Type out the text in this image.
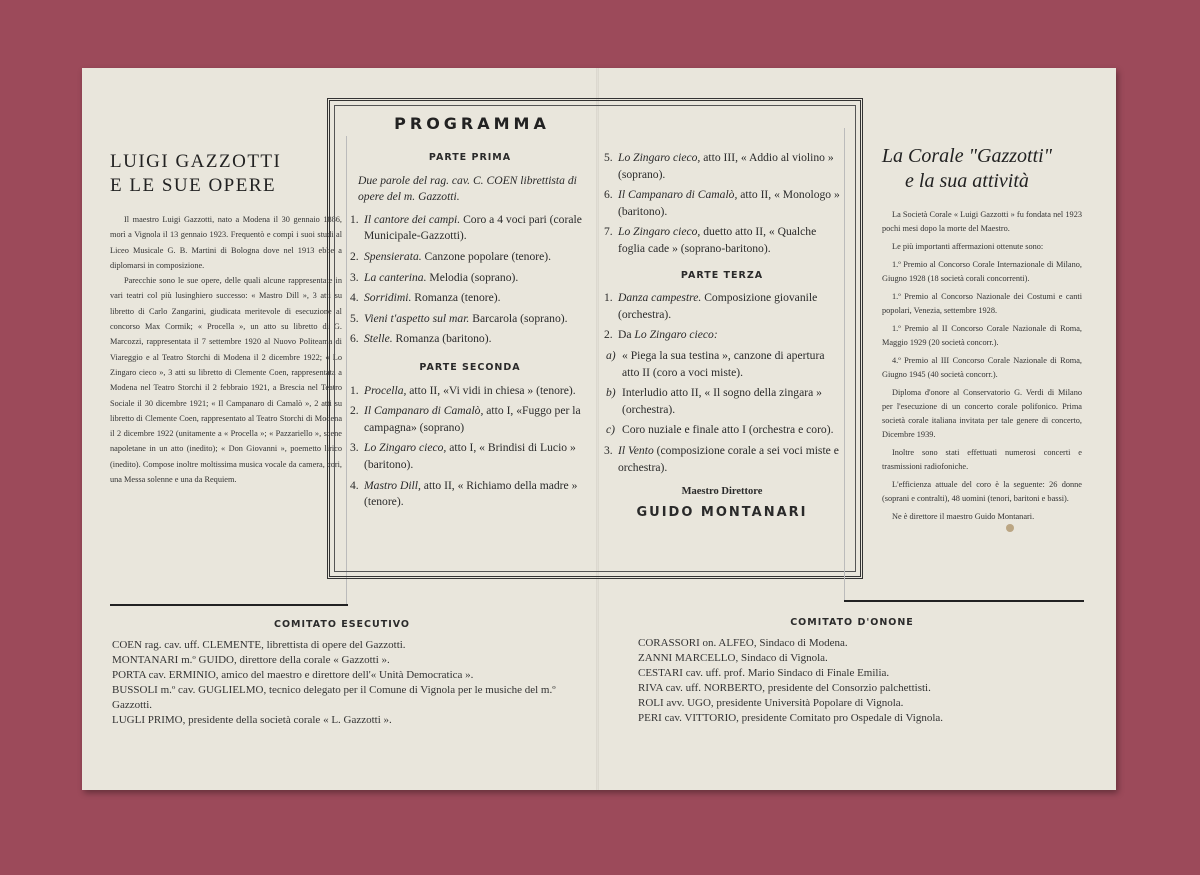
LUIGI GAZZOTTI
E LE SUE OPERE

Il maestro Luigi Gazzotti, nato a Modena il 30 gennaio 1886, morì a Vignola il 13 gennaio 1923. Frequentò e compì i suoi studi al Liceo Musicale G. B. Martini di Bologna dove nel 1913 ebbe a diplomarsi in composizione.

Parecchie sono le sue opere, delle quali alcune rappresentate in vari teatri col più lusinghiero successo: « Mastro Dill », 3 atti su libretto di Carlo Zangarini, giudicata meritevole di esecuzione al concorso Max Cormik; « Procella », un atto su libretto di G. Marcozzi, rappresentata il 7 settembre 1920 al Nuovo Politeama di Viareggio e al Teatro Storchi di Modena il 2 dicembre 1922; « Lo Zingaro cieco », 3 atti su libretto di Clemente Coen, rappresentata a Modena nel Teatro Storchi il 2 febbraio 1921, a Brescia nel Teatro Sociale il 30 dicembre 1921; « Il Campanaro di Camalò », 2 atti su libretto di Clemente Coen, rappresentato al Teatro Storchi di Modena il 2 dicembre 1922 (unitamente a « Procella »; « Pazzariello », scene napoletane in un atto (inedito); « Don Giovanni », poemetto lirico (inedito). Compose inoltre moltissima musica vocale da camera, cori, una Messa solenne e una da Requiem.

PROGRAMMA
PARTE PRIMA
Due parole del rag. cav. C. COEN librettista di opere del m. Gazzotti.
1. Il cantore dei campi. Coro a 4 voci pari (corale Municipale-Gazzotti).
2. Spensierata. Canzone popolare (tenore).
3. La canterina. Melodia (soprano).
4. Sorridimi. Romanza (tenore).
5. Vieni t'aspetto sul mar. Barcarola (soprano).
6. Stelle. Romanza (baritono).
PARTE SECONDA
1. Procella, atto II, «Vi vidi in chiesa » (tenore).
2. Il Campanaro di Camalò, atto I, «Fuggo per la campagna» (soprano)
3. Lo Zingaro cieco, atto I, « Brindisi di Lucio » (baritono).
4. Mastro Dill, atto II, « Richiamo della madre » (tenore).
5. Lo Zingaro cieco, atto III, « Addio al violino » (soprano).
6. Il Campanaro di Camalò, atto II, « Monologo » (baritono).
7. Lo Zingaro cieco, duetto atto II, « Qualche foglia cade » (soprano-baritono).
PARTE TERZA
1. Danza campestre. Composizione giovanile (orchestra).
2. Da Lo Zingaro cieco:
a) « Piega la sua testina », canzone di apertura atto II (coro a voci miste).
b) Interludio atto II, « Il sogno della zingara » (orchestra).
c) Coro nuziale e finale atto I (orchestra e coro).
3. Il Vento (composizione corale a sei voci miste e orchestra).
Maestro Direttore
GUIDO MONTANARI
La Corale "Gazzotti"
e la sua attività

La Società Corale « Luigi Gazzotti » fu fondata nel 1923 pochi mesi dopo la morte del Maestro.

Le più importanti affermazioni ottenute sono:

1.º Premio al Concorso Corale Internazionale di Milano, Giugno 1928 (18 società corali concorrenti).

1.º Premio al Concorso Nazionale dei Costumi e canti popolari, Venezia, settembre 1928.

1.º Premio al II Concorso Corale Nazionale di Roma, Maggio 1929 (20 società concorr.).

4.º Premio al III Concorso Corale Nazionale di Roma, Giugno 1945 (40 società concorr.).

Diploma d'onore al Conservatorio G. Verdi di Milano per l'esecuzione di un concerto corale polifonico. Prima società corale italiana invitata per tale genere di concerto, Dicembre 1939.

Inoltre sono stati effettuati numerosi concerti e trasmissioni radiofoniche.

L'efficienza attuale del coro è la seguente: 26 donne (soprani e contralti), 48 uomini (tenori, baritoni e bassi).

Ne è direttore il maestro Guido Montanari.

COMITATO ESECUTIVO
COEN rag. cav. uff. CLEMENTE, librettista di opere del Gazzotti.
MONTANARI m.º GUIDO, direttore della corale « Gazzotti ».
PORTA cav. ERMINIO, amico del maestro e direttore dell'« Unità Democratica ».
BUSSOLI m.º cav. GUGLIELMO, tecnico delegato per il Comune di Vignola per le musiche del m.º Gazzotti.
LUGLI PRIMO, presidente della società corale « L. Gazzotti ».
COMITATO D'ONONE
CORASSORI on. ALFEO, Sindaco di Modena.
ZANNI MARCELLO, Sindaco di Vignola.
CESTARI cav. uff. prof. Mario Sindaco di Finale Emilia.
RIVA cav. uff. NORBERTO, presidente del Consorzio palchettisti.
ROLI avv. UGO, presidente Università Popolare di Vignola.
PERI cav. VITTORIO, presidente Comitato pro Ospedale di Vignola.
